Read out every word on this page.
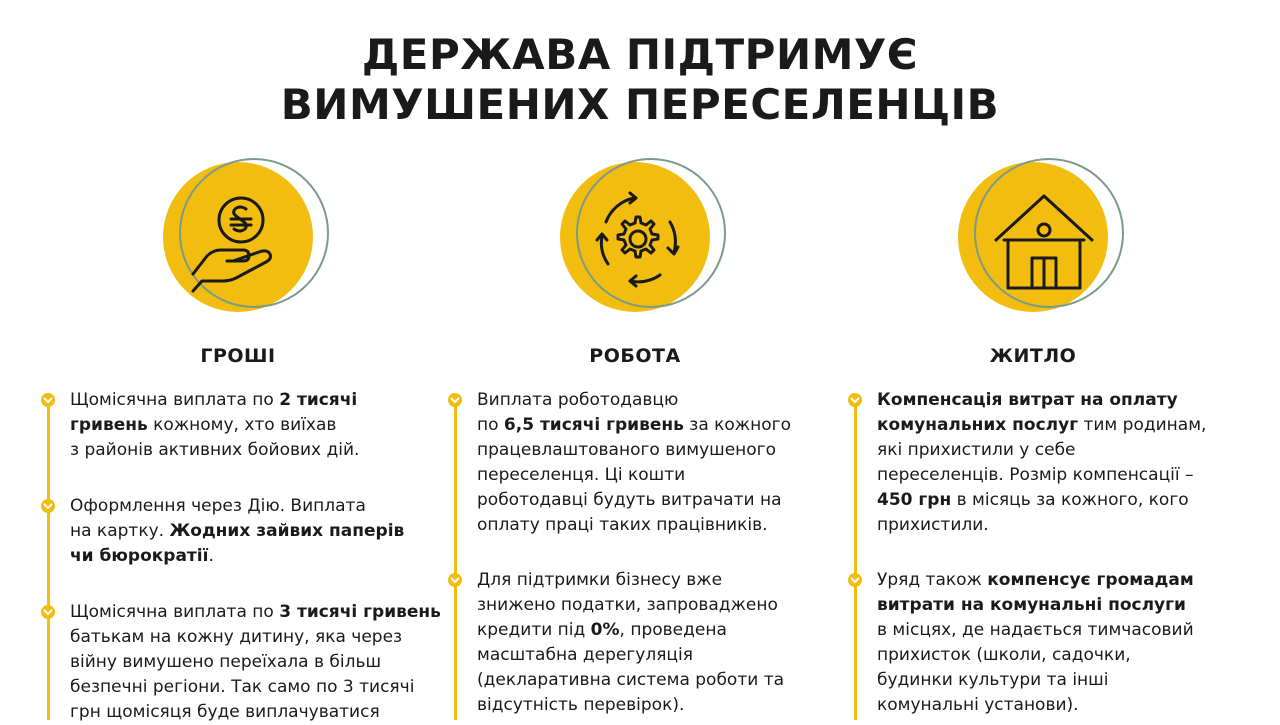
ДЕРЖАВА ПІДТРИМУЄ
ВИМУШЕНИХ ПЕРЕСЕЛЕНЦІВ
ГРОШІ
Щомісячна виплата по 2 тисячі
гривень кожному, хто виїхав
з районів активних бойових дій.
Оформлення через Дію. Виплата
на картку. Жодних зайвих паперів
чи бюрократії.
Щомісячна виплата по 3 тисячі гривень
батькам на кожну дитину, яка через
війну вимушено переїхала в більш
безпечні регіони. Так само по 3 тисячі
грн щомісяця буде виплачуватися
РОБОТА
Виплата роботодавцю
по 6,5 тисячі гривень за кожного
працевлаштованого вимушеного
переселенця. Ці кошти
роботодавці будуть витрачати на
оплату праці таких працівників.
Для підтримки бізнесу вже
знижено податки, запроваджено
кредити під 0%, проведена
масштабна дерегуляція
(декларативна система роботи та
відсутність перевірок).
ЖИТЛО
Компенсація витрат на оплату
комунальних послуг тим родинам,
які прихистили у себе
переселенців. Розмір компенсації –
450 грн в місяць за кожного, кого
прихистили.
Уряд також компенсує громадам
витрати на комунальні послуги
в місцях, де надається тимчасовий
прихисток (школи, садочки,
будинки культури та інші
комунальні установи).
